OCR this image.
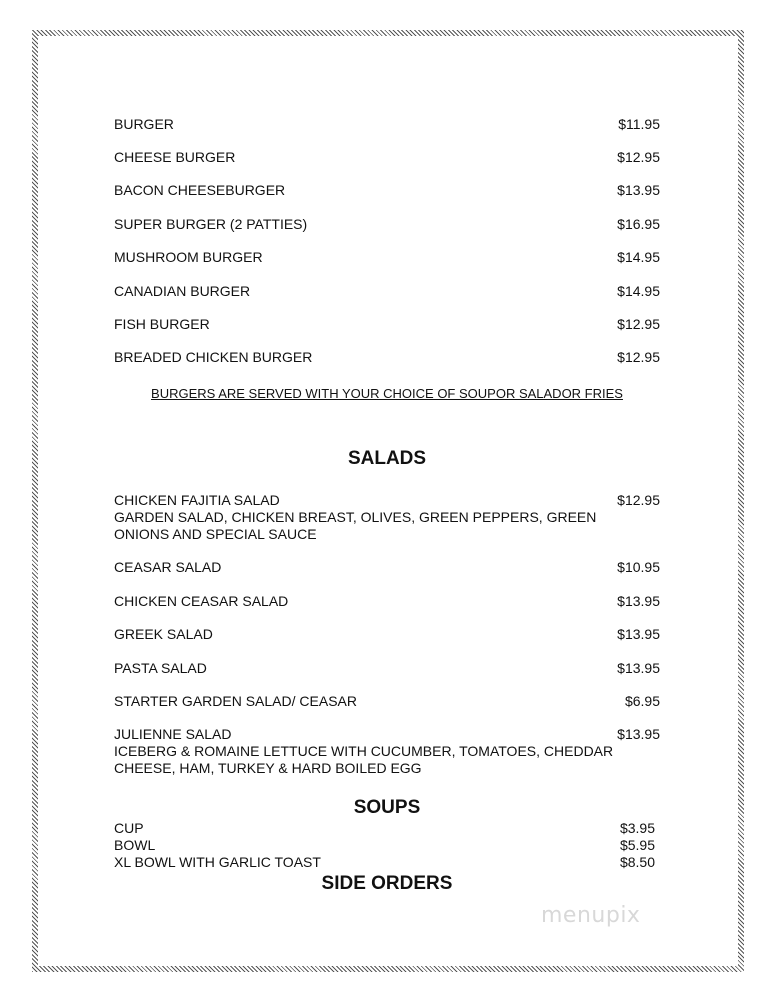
BURGER	$11.95
CHEESE BURGER	$12.95
BACON CHEESEBURGER	$13.95
SUPER BURGER (2 PATTIES)	$16.95
MUSHROOM BURGER	$14.95
CANADIAN BURGER	$14.95
FISH BURGER	$12.95
BREADED CHICKEN BURGER	$12.95
BURGERS ARE SERVED WITH YOUR CHOICE OF SOUPOR SALADOR FRIES
SALADS
CHICKEN FAJITIA SALAD	$12.95
GARDEN SALAD, CHICKEN BREAST, OLIVES, GREEN PEPPERS, GREEN
ONIONS AND SPECIAL SAUCE
CEASAR SALAD	$10.95
CHICKEN CEASAR SALAD	$13.95
GREEK SALAD	$13.95
PASTA SALAD	$13.95
STARTER GARDEN SALAD/ CEASAR	$6.95
JULIENNE SALAD	$13.95
ICEBERG & ROMAINE LETTUCE WITH CUCUMBER, TOMATOES, CHEDDAR
CHEESE, HAM, TURKEY & HARD BOILED EGG
SOUPS
CUP	$3.95
BOWL	$5.95
XL BOWL WITH GARLIC TOAST	$8.50
SIDE ORDERS
menupix
